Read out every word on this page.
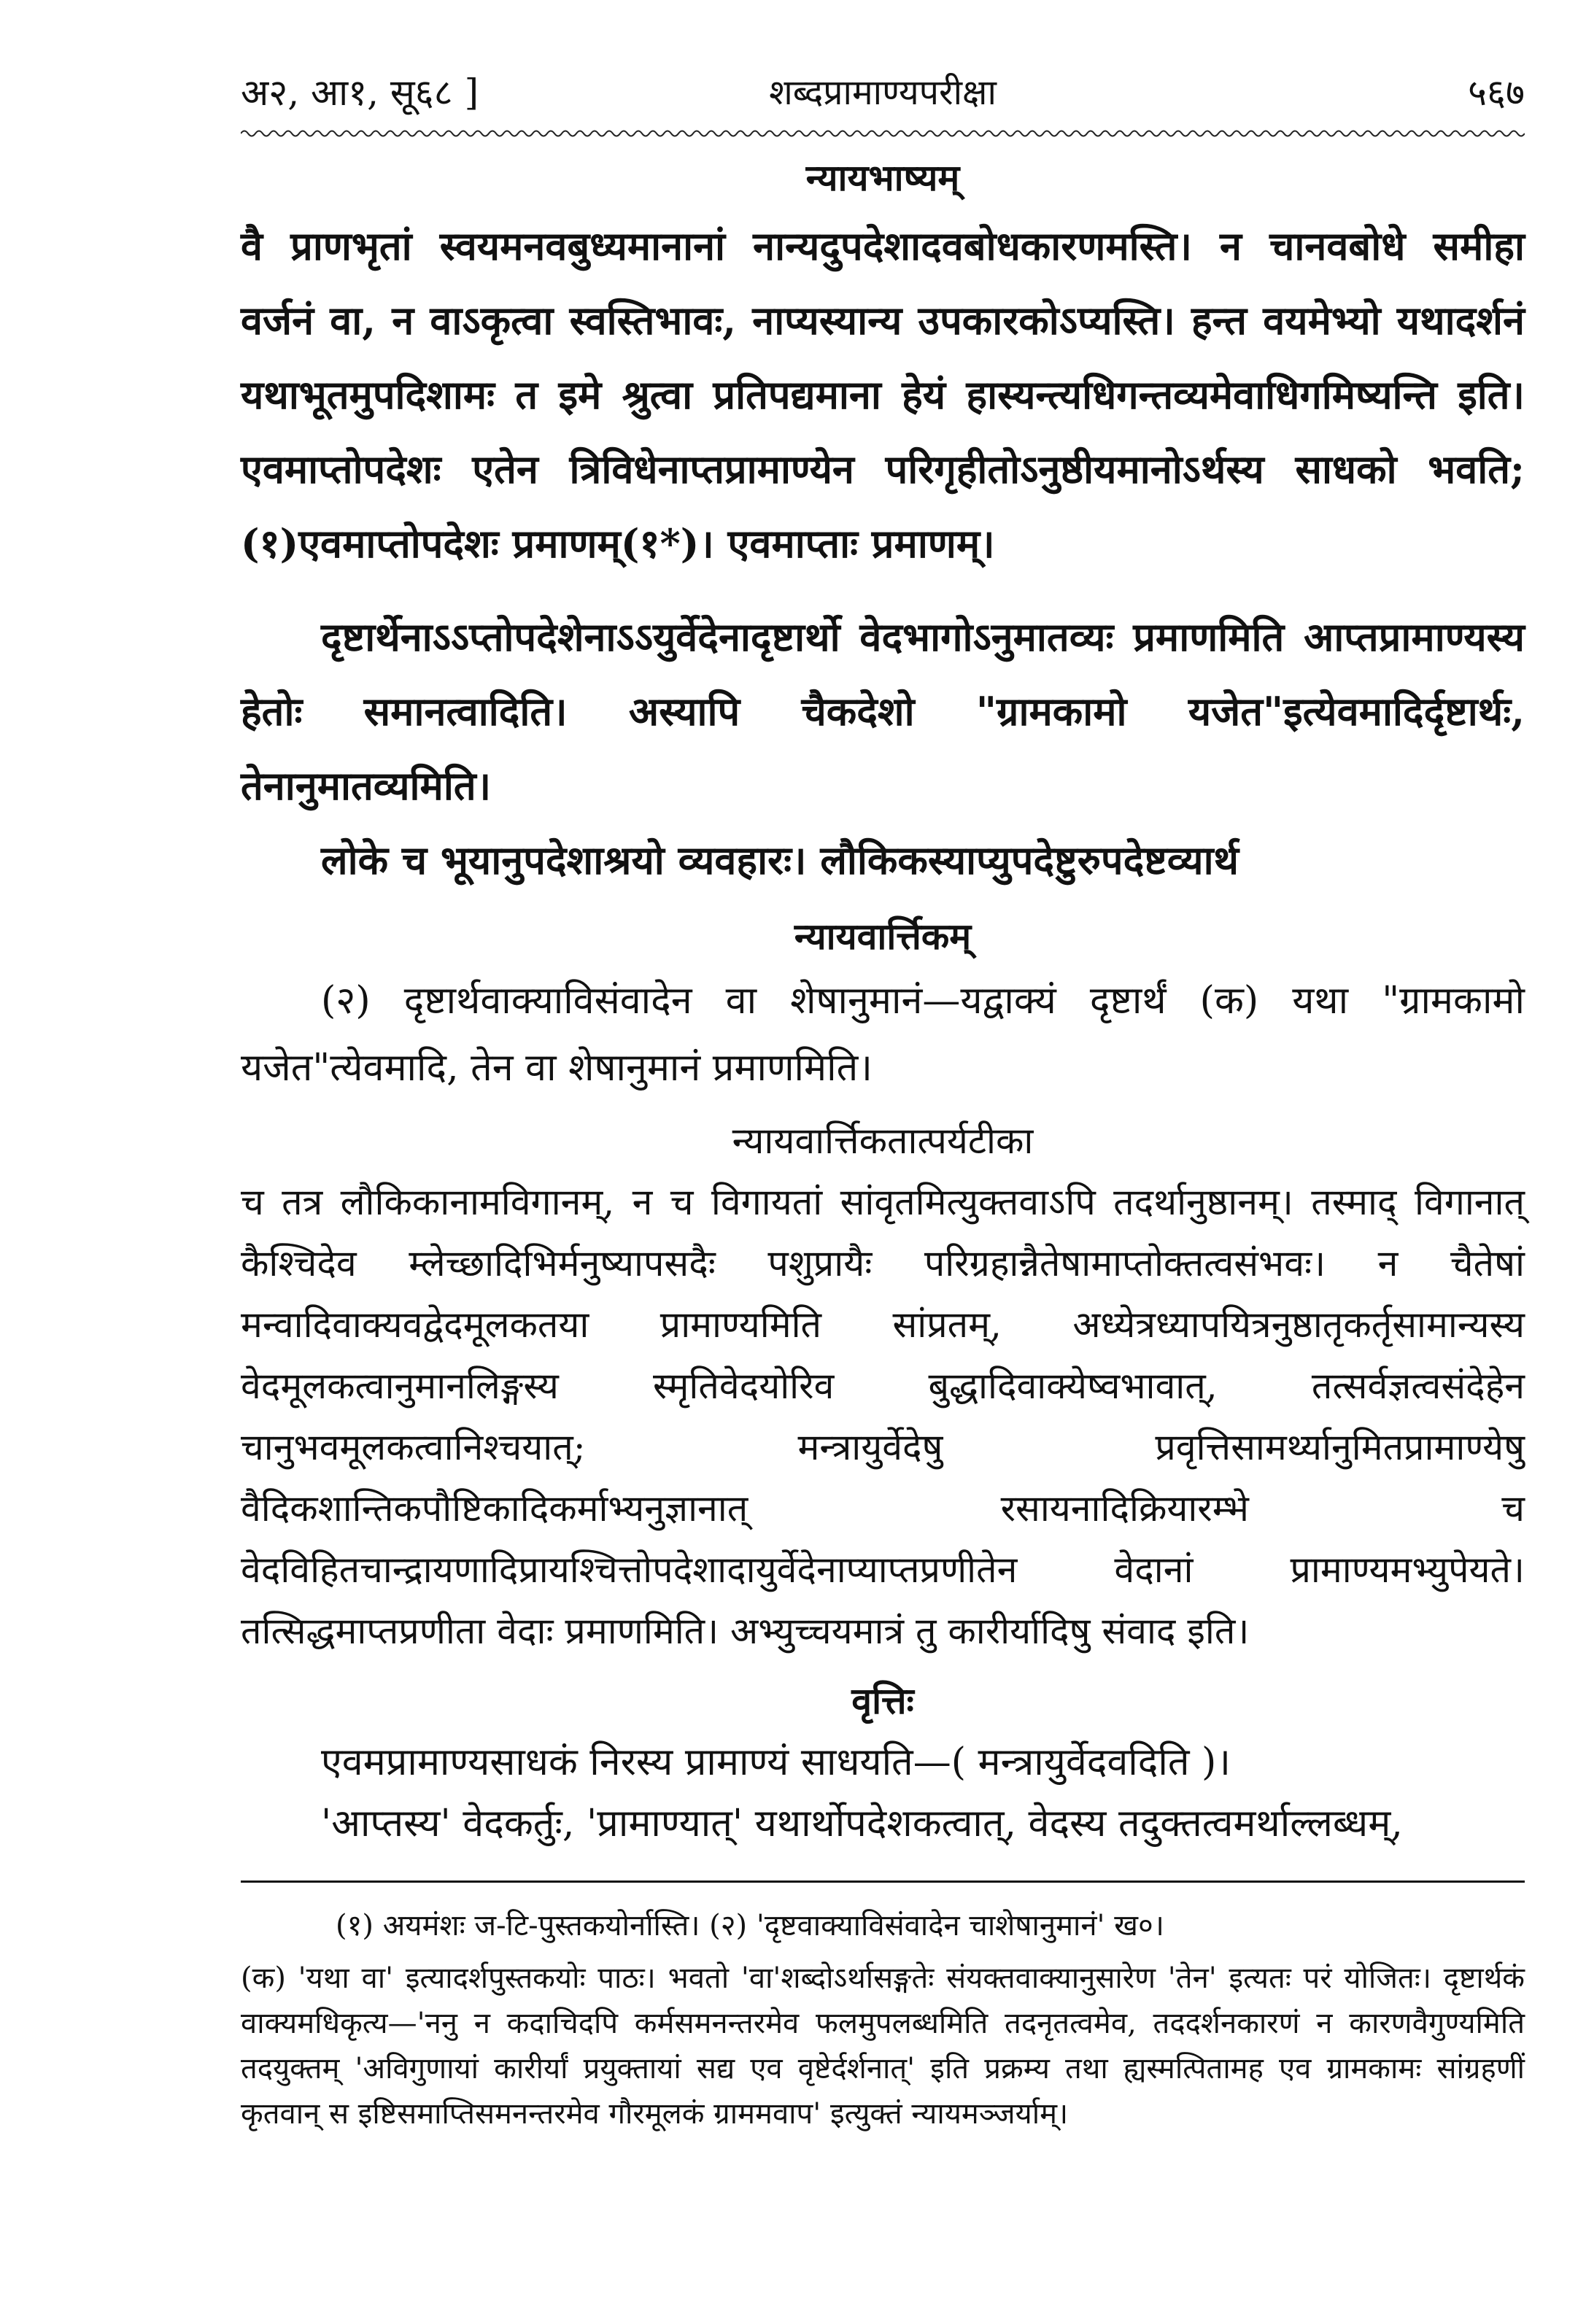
अ२, आ१, सू६८ ]	शब्दप्रामाण्यपरीक्षा	५६७
न्यायभाष्यम्

वै प्राणभृतां स्वयमनवबुध्यमानानां नान्यदुपदेशादवबोधकारणमस्ति। न चानवबोधे समीहा वर्जनं वा, न वाऽकृत्वा स्वस्तिभावः, नाप्यस्यान्य उपकारकोऽप्यस्ति। हन्त वयमेभ्यो यथादर्शनं यथाभूतमुपदिशामः त इमे श्रुत्वा प्रतिपद्यमाना हेयं हास्यन्त्यधिगन्तव्यमेवाधिगमिष्यन्ति इति। एवमाप्तोपदेशः एतेन त्रिविधेनाप्तप्रामाण्येन परिगृहीतोऽनुष्ठीयमानोऽर्थस्य साधको भवति; (१)एवमाप्तोपदेशः प्रमाणम्(१*)। एवमाप्ताः प्रमाणम्।

दृष्टार्थेनाऽऽप्तोपदेशेनाऽऽयुर्वेदेनादृष्टार्थो वेदभागोऽनुमातव्यः प्रमाणमिति आप्तप्रामाण्यस्य हेतोः समानत्वादिति। अस्यापि चैकदेशो "ग्रामकामो यजेत"इत्येवमादिर्दृष्टार्थः, तेनानुमातव्यमिति।

लोके च भूयानुपदेशाश्रयो व्यवहारः। लौकिकस्याप्युपदेष्टुरुपदेष्टव्यार्थ

न्यायवार्त्तिकम्

(२) दृष्टार्थवाक्याविसंवादेन वा शेषानुमानं—यद्वाक्यं दृष्टार्थं (क) यथा "ग्रामकामो यजेत"त्येवमादि, तेन वा शेषानुमानं प्रमाणमिति।

न्यायवार्त्तिकतात्पर्यटीका

च तत्र लौकिकानामविगानम्, न च विगायतां सांवृतमित्युक्तवाऽपि तदर्थानुष्ठानम्। तस्माद् विगानात् कैश्चिदेव म्लेच्छादिभिर्मनुष्यापसदैः पशुप्रायैः परिग्रहान्नैतेषामाप्तोक्तत्वसंभवः। न चैतेषां मन्वादिवाक्यवद्वेदमूलकतया प्रामाण्यमिति सांप्रतम्, अध्येत्रध्यापयित्रनुष्ठातृकर्तृसामान्यस्य वेदमूलकत्वानुमानलिङ्गस्य स्मृतिवेदयोरिव बुद्धादिवाक्येष्वभावात्, तत्सर्वज्ञत्वसंदेहेन चानुभवमूलकत्वानिश्चयात्; मन्त्रायुर्वेदेषु प्रवृत्तिसामर्थ्यानुमितप्रामाण्येषु वैदिकशान्तिकपौष्टिकादिकर्माभ्यनुज्ञानात् रसायनादिक्रियारम्भे च वेदविहितचान्द्रायणादिप्रायश्चित्तोपदेशादायुर्वेदेनाप्याप्तप्रणीतेन वेदानां प्रामाण्यमभ्युपेयते। तत्सिद्धमाप्तप्रणीता वेदाः प्रमाणमिति। अभ्युच्चयमात्रं तु कारीर्यादिषु संवाद इति।

वृत्तिः

एवमप्रामाण्यसाधकं निरस्य प्रामाण्यं साधयति—( मन्त्रायुर्वेदवदिति )।

'आप्तस्य' वेदकर्तुः, 'प्रामाण्यात्' यथार्थोपदेशकत्वात्, वेदस्य तदुक्तत्वमर्थाल्लब्धम्,

(१) अयमंशः ज-टि-पुस्तकयोर्नास्ति। (२) 'दृष्टवाक्याविसंवादेन चाशेषानुमानं' ख०।

(क) 'यथा वा' इत्यादर्शपुस्तकयोः पाठः। भवतो 'वा'शब्दोऽर्थासङ्गतेः संयक्तवाक्यानुसारेण 'तेन' इत्यतः परं योजितः। दृष्टार्थकं वाक्यमधिकृत्य—'ननु न कदाचिदपि कर्मसमनन्तरमेव फलमुपलब्धमिति तदनृतत्वमेव, तददर्शनकारणं न कारणवैगुण्यमिति तदयुक्तम् 'अविगुणायां कारीर्यां प्रयुक्तायां सद्य एव वृष्टेर्दर्शनात्' इति प्रक्रम्य तथा ह्यस्मत्पितामह एव ग्रामकामः सांग्रहणीं कृतवान् स इष्टिसमाप्तिसमनन्तरमेव गौरमूलकं ग्राममवाप' इत्युक्तं न्यायमञ्जर्याम्।
